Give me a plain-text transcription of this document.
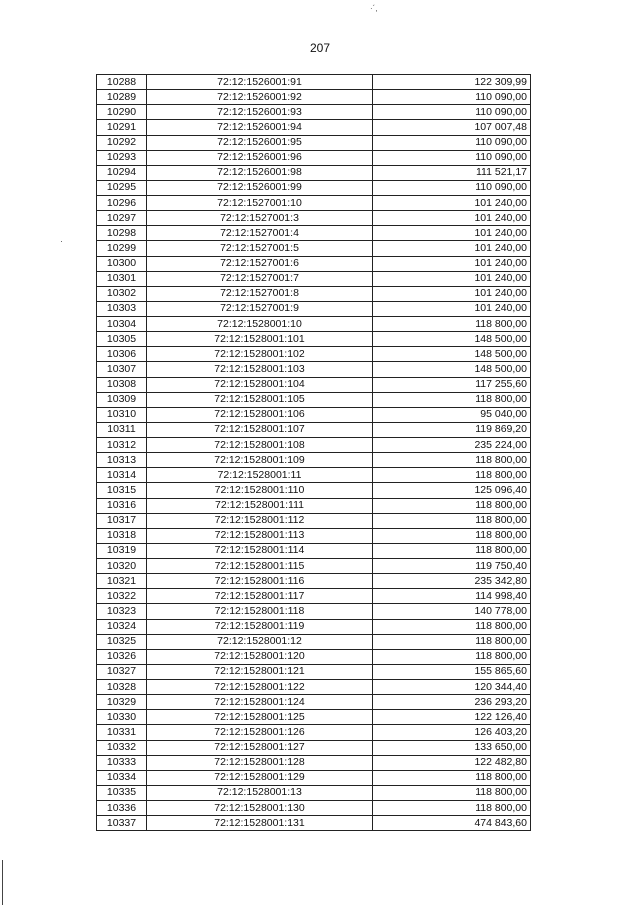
·´,
207
·
10288	72:12:1526001:91	122 309,99
10289	72:12:1526001:92	110 090,00
10290	72:12:1526001:93	110 090,00
10291	72:12:1526001:94	107 007,48
10292	72:12:1526001:95	110 090,00
10293	72:12:1526001:96	110 090,00
10294	72:12:1526001:98	111 521,17
10295	72:12:1526001:99	110 090,00
10296	72:12:1527001:10	101 240,00
10297	72:12:1527001:3	101 240,00
10298	72:12:1527001:4	101 240,00
10299	72:12:1527001:5	101 240,00
10300	72:12:1527001:6	101 240,00
10301	72:12:1527001:7	101 240,00
10302	72:12:1527001:8	101 240,00
10303	72:12:1527001:9	101 240,00
10304	72:12:1528001:10	118 800,00
10305	72:12:1528001:101	148 500,00
10306	72:12:1528001:102	148 500,00
10307	72:12:1528001:103	148 500,00
10308	72:12:1528001:104	117 255,60
10309	72:12:1528001:105	118 800,00
10310	72:12:1528001:106	95 040,00
10311	72:12:1528001:107	119 869,20
10312	72:12:1528001:108	235 224,00
10313	72:12:1528001:109	118 800,00
10314	72:12:1528001:11	118 800,00
10315	72:12:1528001:110	125 096,40
10316	72:12:1528001:111	118 800,00
10317	72:12:1528001:112	118 800,00
10318	72:12:1528001:113	118 800,00
10319	72:12:1528001:114	118 800,00
10320	72:12:1528001:115	119 750,40
10321	72:12:1528001:116	235 342,80
10322	72:12:1528001:117	114 998,40
10323	72:12:1528001:118	140 778,00
10324	72:12:1528001:119	118 800,00
10325	72:12:1528001:12	118 800,00
10326	72:12:1528001:120	118 800,00
10327	72:12:1528001:121	155 865,60
10328	72:12:1528001:122	120 344,40
10329	72:12:1528001:124	236 293,20
10330	72:12:1528001:125	122 126,40
10331	72:12:1528001:126	126 403,20
10332	72:12:1528001:127	133 650,00
10333	72:12:1528001:128	122 482,80
10334	72:12:1528001:129	118 800,00
10335	72:12:1528001:13	118 800,00
10336	72:12:1528001:130	118 800,00
10337	72:12:1528001:131	474 843,60
